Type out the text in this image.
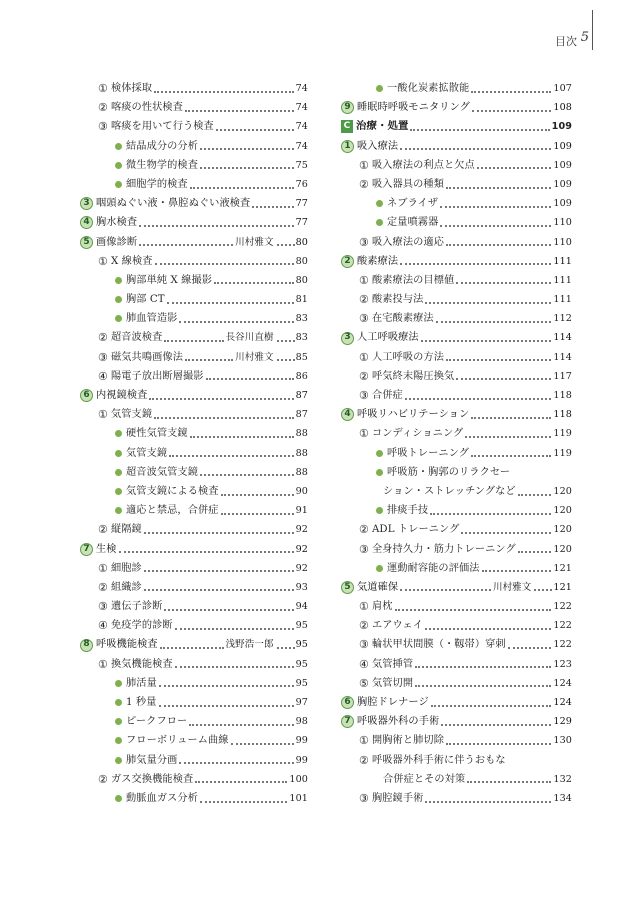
目次 5
① 検体採取	74
② 喀痰の性状検査	74
③ 喀痰を用いて行う検査	74
結晶成分の分析	74
微生物学的検査	75
細胞学的検査	76
3 咽頭ぬぐい液・鼻腔ぬぐい液検査	77
4 胸水検査	77
5 画像診断	川村雅文 80
① X 線検査	80
胸部単純 X 線撮影	80
胸部 CT	81
肺血管造影	83
② 超音波検査	長谷川直樹 83
③ 磁気共鳴画像法	川村雅文 85
④ 陽電子放出断層撮影	86
6 内視鏡検査	87
① 気管支鏡	87
硬性気管支鏡	88
気管支鏡	88
超音波気管支鏡	88
気管支鏡による検査	90
適応と禁忌，合併症	91
② 縦隔鏡	92
7 生検	92
① 細胞診	92
② 組織診	93
③ 遺伝子診断	94
④ 免疫学的診断	95
8 呼吸機能検査	浅野浩一郎 95
① 換気機能検査	95
肺活量	95
1 秒量	97
ピークフロー	98
フローボリューム曲線	99
肺気量分画	99
② ガス交換機能検査	100
動脈血ガス分析	101
一酸化炭素拡散能	107
9 睡眠時呼吸モニタリング	108
C 治療・処置	109
1 吸入療法	109
① 吸入療法の利点と欠点	109
② 吸入器具の種類	109
ネブライザ	109
定量噴霧器	110
③ 吸入療法の適応	110
2 酸素療法	111
① 酸素療法の目標値	111
② 酸素投与法	111
③ 在宅酸素療法	112
3 人工呼吸療法	114
① 人工呼吸の方法	114
② 呼気終末陽圧換気	117
③ 合併症	118
4 呼吸リハビリテーション	118
① コンディショニング	119
呼吸トレーニング	119
呼吸筋・胸郭のリラクセー
ション・ストレッチングなど	120
排痰手技	120
② ADL トレーニング	120
③ 全身持久力・筋力トレーニング	120
運動耐容能の評価法	121
5 気道確保	川村雅文 121
① 肩枕	122
② エアウェイ	122
③ 輪状甲状間膜（・靱帯）穿刺	122
④ 気管挿管	123
⑤ 気管切開	124
6 胸腔ドレナージ	124
7 呼吸器外科の手術	129
① 開胸術と肺切除	130
② 呼吸器外科手術に伴うおもな
合併症とその対策	132
③ 胸腔鏡手術	134
